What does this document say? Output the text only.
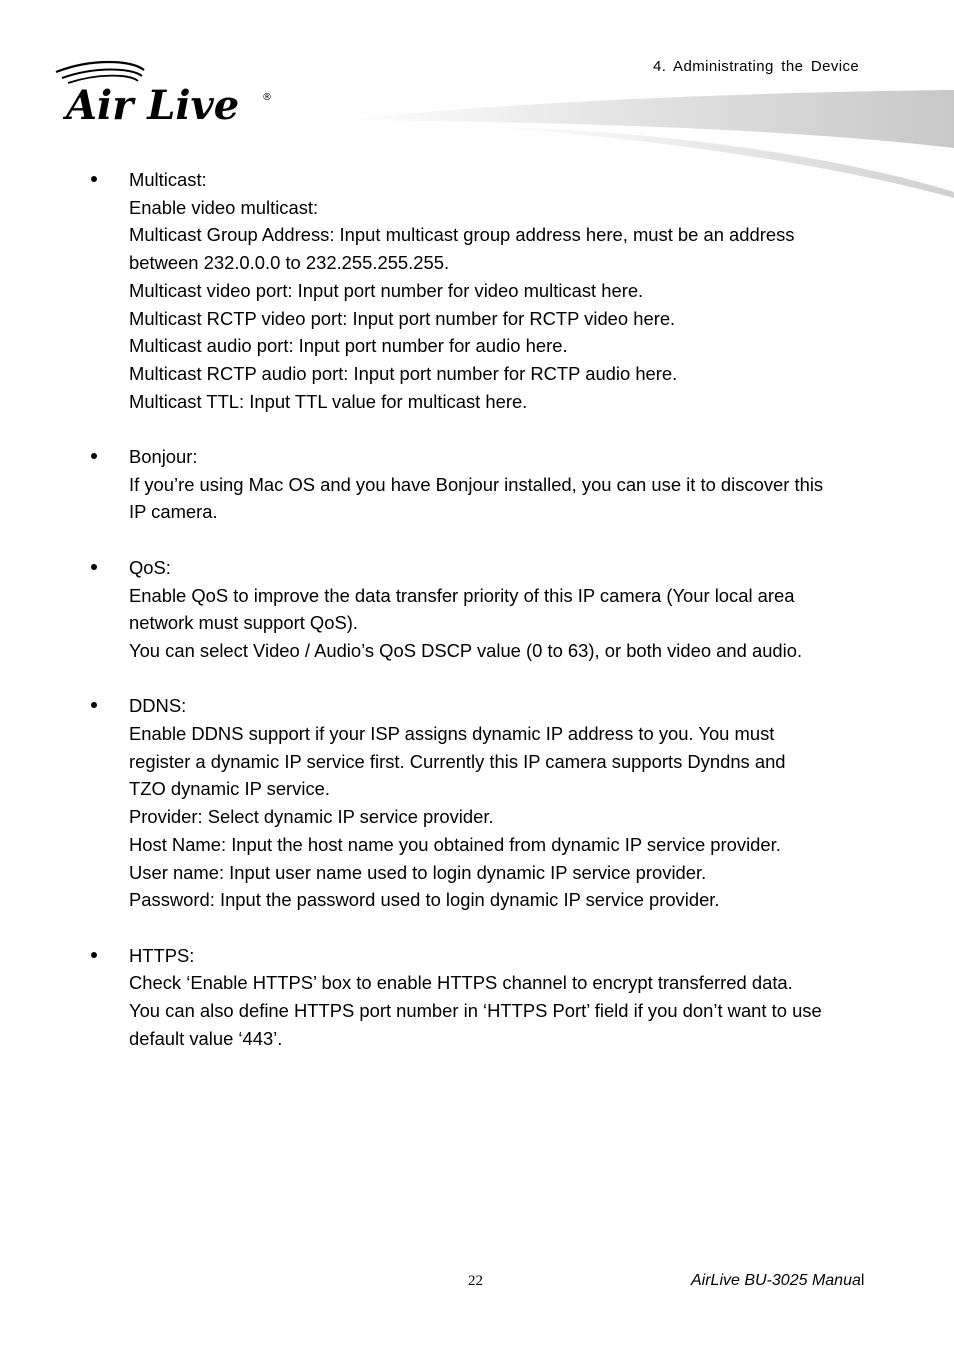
Air Live ®
4. Administrating the Device
Multicast:
Enable video multicast:
Multicast Group Address: Input multicast group address here, must be an address
between 232.0.0.0 to 232.255.255.255.
Multicast video port: Input port number for video multicast here.
Multicast RCTP video port: Input port number for RCTP video here.
Multicast audio port: Input port number for audio here.
Multicast RCTP audio port: Input port number for RCTP audio here.
Multicast TTL: Input TTL value for multicast here.
Bonjour:
If you’re using Mac OS and you have Bonjour installed, you can use it to discover this
IP camera.
QoS:
Enable QoS to improve the data transfer priority of this IP camera (Your local area
network must support QoS).
You can select Video / Audio’s QoS DSCP value (0 to 63), or both video and audio.
DDNS:
Enable DDNS support if your ISP assigns dynamic IP address to you. You must
register a dynamic IP service first. Currently this IP camera supports Dyndns and
TZO dynamic IP service.
Provider: Select dynamic IP service provider.
Host Name: Input the host name you obtained from dynamic IP service provider.
User name: Input user name used to login dynamic IP service provider.
Password: Input the password used to login dynamic IP service provider.
HTTPS:
Check ‘Enable HTTPS’ box to enable HTTPS channel to encrypt transferred data.
You can also define HTTPS port number in ‘HTTPS Port’ field if you don’t want to use
default value ‘443’.
22	AirLive BU-3025 Manual
